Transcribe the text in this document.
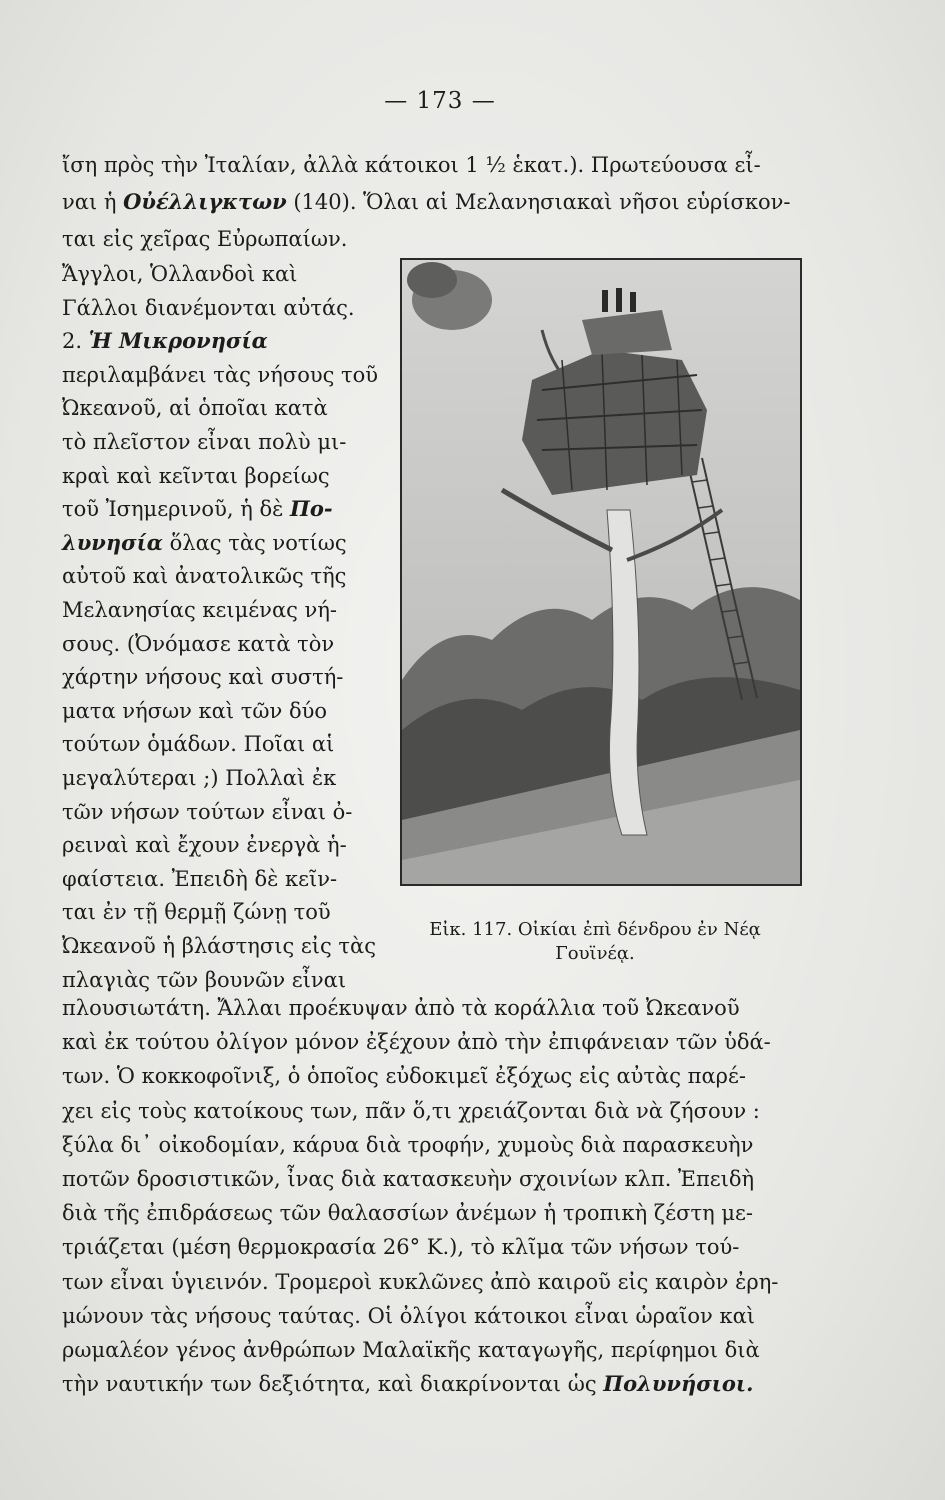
— 173 —
ἴση πρὸς τὴν Ἰταλίαν, ἀλλὰ κάτοικοι 1 ½ ἑκατ.). Πρωτεύουσα εἶ-
ναι ἡ Οὐέλλιγκτων (140). Ὅλαι αἱ Μελανησιακαὶ νῆσοι εὑρίσκον-
ται εἰς χεῖρας Εὐρωπαίων.
Ἄγγλοι, Ὁλλανδοὶ καὶ
Γάλλοι διανέμονται αὐτάς.
2. Ἡ Μικρονησία
περιλαμβάνει τὰς νήσους τοῦ
Ὠκεανοῦ, αἱ ὁποῖαι κατὰ
τὸ πλεῖστον εἶναι πολὺ μι-
κραὶ καὶ κεῖνται βορείως
τοῦ Ἰσημερινοῦ, ἡ δὲ Πο-
λυνησία ὅλας τὰς νοτίως
αὐτοῦ καὶ ἀνατολικῶς τῆς
Μελανησίας κειμένας νή-
σους. (Ὀνόμασε κατὰ τὸν
χάρτην νήσους καὶ συστή-
ματα νήσων καὶ τῶν δύο
τούτων ὁμάδων. Ποῖαι αἱ
μεγαλύτεραι ;) Πολλαὶ ἐκ
τῶν νήσων τούτων εἶναι ὀ-
ρειναὶ καὶ ἔχουν ἐνεργὰ ἡ-
φαίστεια. Ἐπειδὴ δὲ κεῖν-
ται ἐν τῇ θερμῇ ζώνῃ τοῦ
Ὠκεανοῦ ἡ βλάστησις εἰς τὰς
πλαγιὰς τῶν βουνῶν εἶναι
πλουσιωτάτη. Ἄλλαι προέκυψαν ἀπὸ τὰ κοράλλια τοῦ Ὠκεανοῦ
καὶ ἐκ τούτου ὀλίγον μόνον ἐξέχουν ἀπὸ τὴν ἐπιφάνειαν τῶν ὑδά-
των. Ὁ κοκκοφοῖνιξ, ὁ ὁποῖος εὐδοκιμεῖ ἐξόχως εἰς αὐτὰς παρέ-
χει εἰς τοὺς κατοίκους των, πᾶν ὅ,τι χρειάζονται διὰ νὰ ζήσουν :
ξύλα δι᾽ οἰκοδομίαν, κάρυα διὰ τροφήν, χυμοὺς διὰ παρασκευὴν
ποτῶν δροσιστικῶν, ἶνας διὰ κατασκευὴν σχοινίων κλπ. Ἐπειδὴ
διὰ τῆς ἐπιδράσεως τῶν θαλασσίων ἀνέμων ἡ τροπικὴ ζέστη με-
τριάζεται (μέση θερμοκρασία 26° Κ.), τὸ κλῖμα τῶν νήσων τού-
των εἶναι ὑγιεινόν. Τρομεροὶ κυκλῶνες ἀπὸ καιροῦ εἰς καιρὸν ἐρη-
μώνουν τὰς νήσους ταύτας. Οἱ ὀλίγοι κάτοικοι εἶναι ὡραῖον καὶ
ρωμαλέον γένος ἀνθρώπων Μαλαϊκῆς καταγωγῆς, περίφημοι διὰ
τὴν ναυτικήν των δεξιότητα, καὶ διακρίνονται ὡς Πολυνήσιοι.
Εἰκ. 117. Οἰκίαι ἐπὶ δένδρου ἐν Νέᾳ
Γουϊνέᾳ.
